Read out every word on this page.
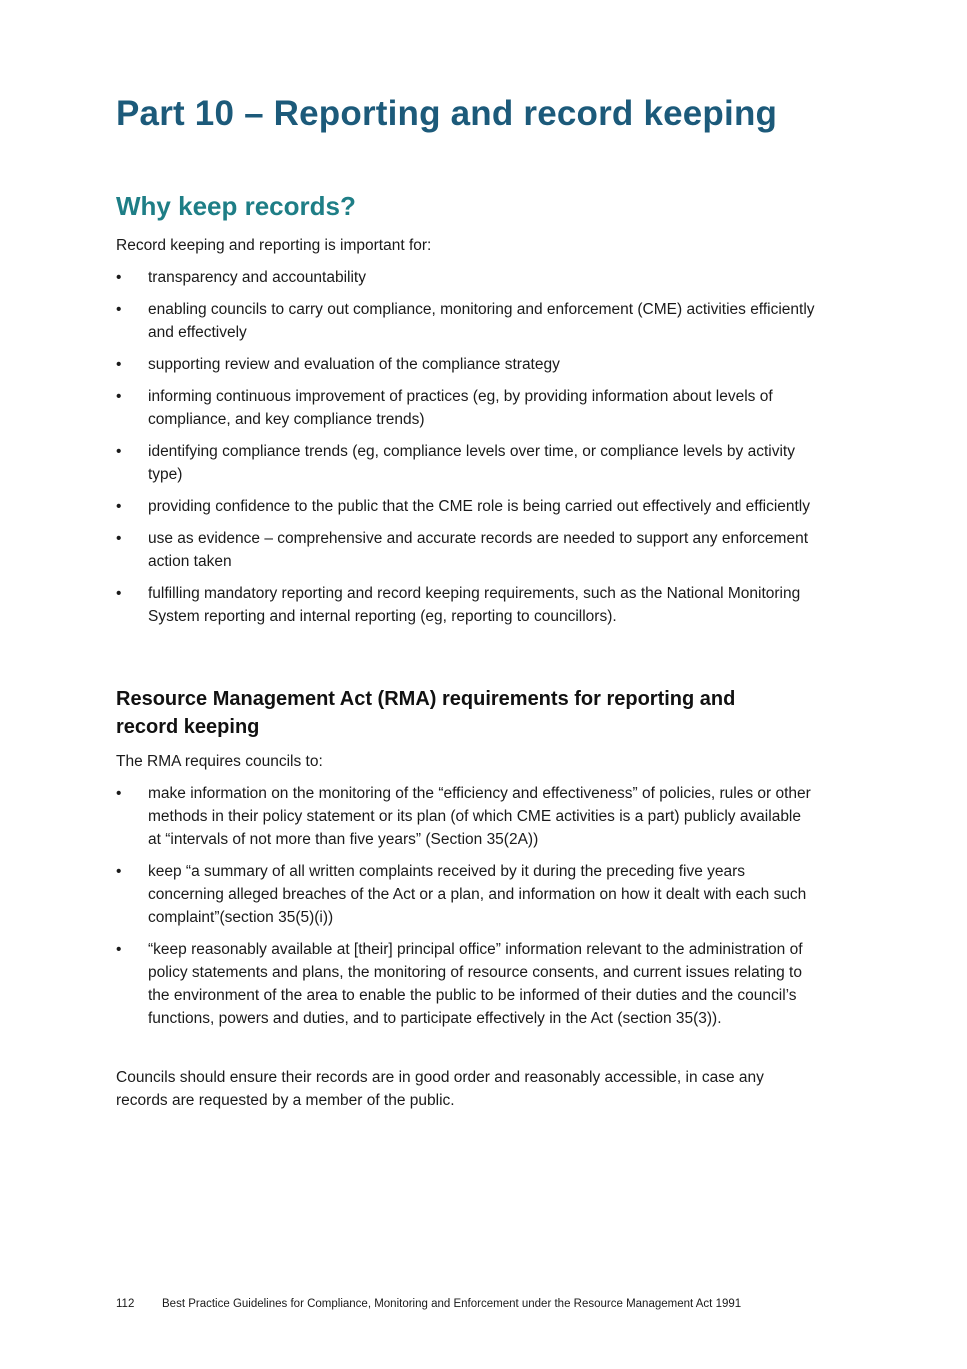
Part 10 – Reporting and record keeping
Why keep records?

Record keeping and reporting is important for:

• transparency and accountability
• enabling councils to carry out compliance, monitoring and enforcement (CME) activities efficiently and effectively
• supporting review and evaluation of the compliance strategy
• informing continuous improvement of practices (eg, by providing information about levels of compliance, and key compliance trends)
• identifying compliance trends (eg, compliance levels over time, or compliance levels by activity type)
• providing confidence to the public that the CME role is being carried out effectively and efficiently
• use as evidence – comprehensive and accurate records are needed to support any enforcement action taken
• fulfilling mandatory reporting and record keeping requirements, such as the National Monitoring System reporting and internal reporting (eg, reporting to councillors).
Resource Management Act (RMA) requirements for reporting and record keeping

The RMA requires councils to:

• make information on the monitoring of the “efficiency and effectiveness” of policies, rules or other methods in their policy statement or its plan (of which CME activities is a part) publicly available at “intervals of not more than five years” (Section 35(2A))
• keep “a summary of all written complaints received by it during the preceding five years concerning alleged breaches of the Act or a plan, and information on how it dealt with each such complaint”(section 35(5)(i))
• “keep reasonably available at [their] principal office” information relevant to the administration of policy statements and plans, the monitoring of resource consents, and current issues relating to the environment of the area to enable the public to be informed of their duties and the council’s functions, powers and duties, and to participate effectively in the Act (section 35(3)).

Councils should ensure their records are in good order and reasonably accessible, in case any records are requested by a member of the public.

112 Best Practice Guidelines for Compliance, Monitoring and Enforcement under the Resource Management Act 1991
